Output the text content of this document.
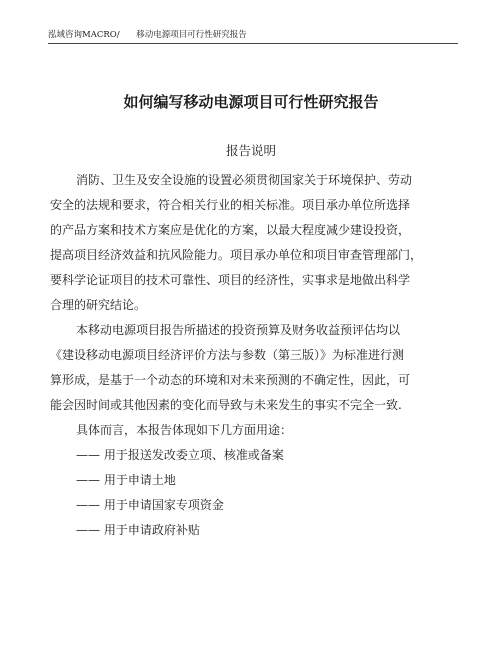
泓域咨询MACRO/ 移动电源项目可行性研究报告
如何编写移动电源项目可行性研究报告
报告说明
消防、卫生及安全设施的设置必须贯彻国家关于环境保护、劳动
安全的法规和要求，符合相关行业的相关标准。项目承办单位所选择
的产品方案和技术方案应是优化的方案，以最大程度减少建设投资，
提高项目经济效益和抗风险能力。项目承办单位和项目审查管理部门，
要科学论证项目的技术可靠性、项目的经济性，实事求是地做出科学
合理的研究结论。
本移动电源项目报告所描述的投资预算及财务收益预评估均以
《建设移动电源项目经济评价方法与参数（第三版）》为标准进行测
算形成，是基于一个动态的环境和对未来预测的不确定性，因此，可
能会因时间或其他因素的变化而导致与未来发生的事实不完全一致.
具体而言，本报告体现如下几方面用途：
—— 用于报送发改委立项、核准或备案
—— 用于申请土地
—— 用于申请国家专项资金
—— 用于申请政府补贴
